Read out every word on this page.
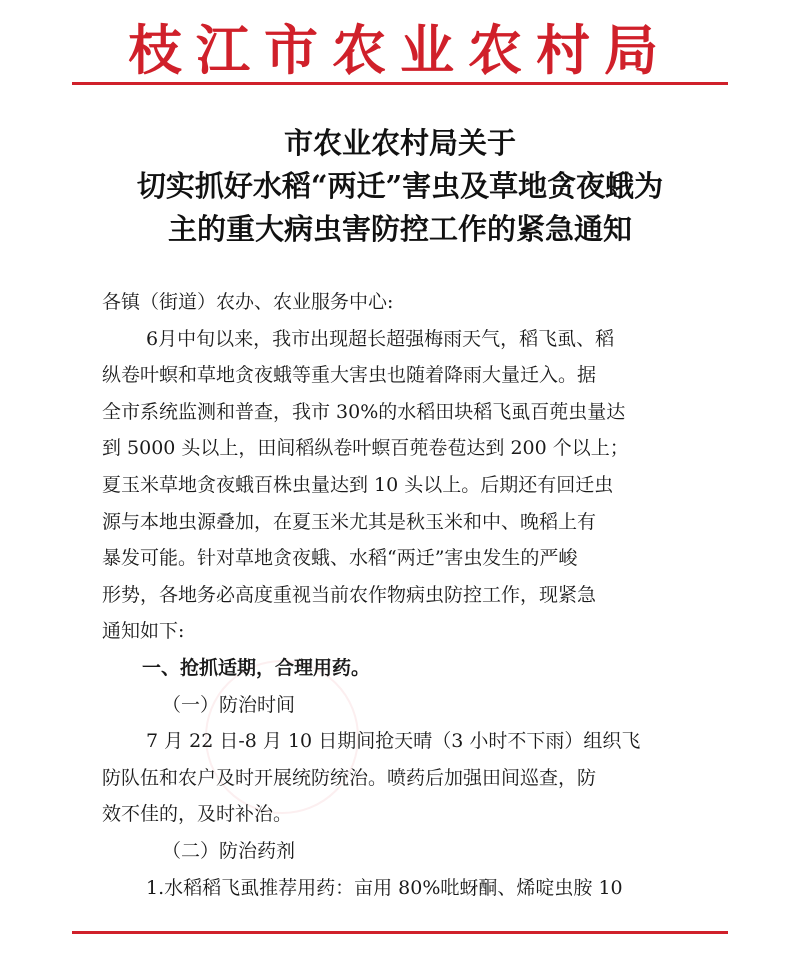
枝江市农业农村局
市农业农村局关于
切实抓好水稻“两迁”害虫及草地贪夜蛾为
主的重大病虫害防控工作的紧急通知
各镇（街道）农办、农业服务中心:
6月中旬以来，我市出现超长超强梅雨天气，稻飞虱、稻
纵卷叶螟和草地贪夜蛾等重大害虫也随着降雨大量迁入。据
全市系统监测和普查，我市 30%的水稻田块稻飞虱百蔸虫量达
到 5000 头以上，田间稻纵卷叶螟百蔸卷苞达到 200 个以上；
夏玉米草地贪夜蛾百株虫量达到 10 头以上。后期还有回迁虫
源与本地虫源叠加，在夏玉米尤其是秋玉米和中、晚稻上有
暴发可能。针对草地贪夜蛾、水稻“两迁”害虫发生的严峻
形势，各地务必高度重视当前农作物病虫防控工作，现紧急
通知如下:
一、抢抓适期，合理用药。
（一）防治时间
7 月 22 日-8 月 10 日期间抢天晴（3 小时不下雨）组织飞
防队伍和农户及时开展统防统治。喷药后加强田间巡查，防
效不佳的，及时补治。
（二）防治药剂
1.水稻稻飞虱推荐用药：亩用 80%吡蚜酮、烯啶虫胺 10
